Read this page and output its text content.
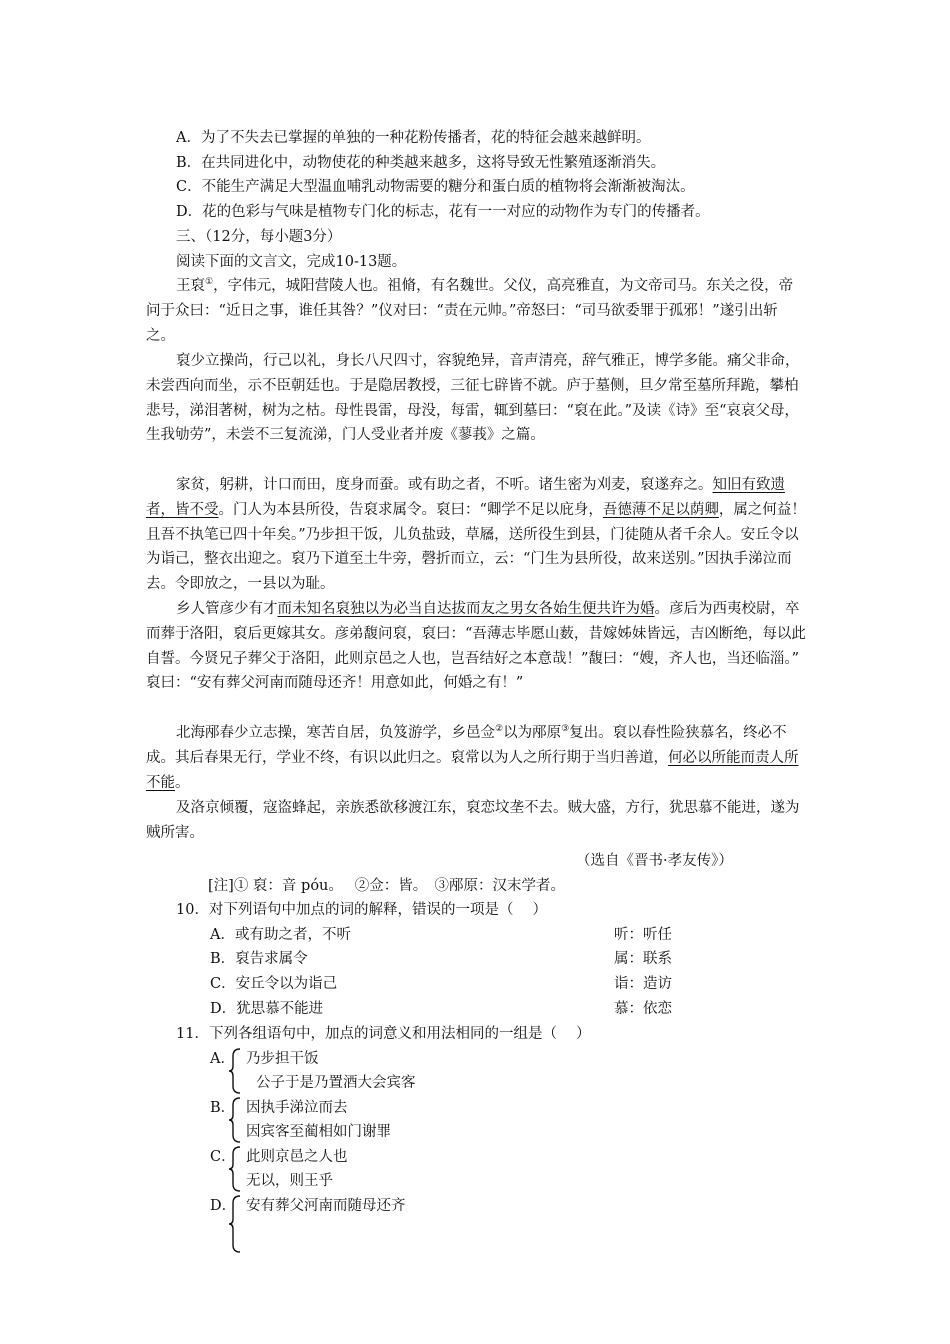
A．为了不失去已掌握的单独的一种花粉传播者，花的特征会越来越鲜明。
B．在共同进化中，动物使花的种类越来越多，这将导致无性繁殖逐渐消失。
C．不能生产满足大型温血哺乳动物需要的糖分和蛋白质的植物将会渐渐被淘汰。
D．花的色彩与气味是植物专门化的标志，花有一一对应的动物作为专门的传播者。
三、（12分，每小题3分）
阅读下面的文言文，完成10-13题。
王裒①，字伟元，城阳营陵人也。祖脩，有名魏世。父仪，高亮雅直，为文帝司马。东关之役，帝问于众曰：“近日之事，谁任其咎？”仪对曰：“责在元帅。”帝怒曰：“司马欲委罪于孤邪！”遂引出斩之。
裒少立操尚，行己以礼，身长八尺四寸，容貌绝异，音声清亮，辞气雅正，博学多能。痛父非命，未尝西向而坐，示不臣朝廷也。于是隐居教授，三征七辟皆不就。庐于墓侧，旦夕常至墓所拜跪，攀柏悲号，涕泪著树，树为之枯。母性畏雷，母没，每雷，辄到墓曰：“裒在此。”及读《诗》至“哀哀父母，生我劬劳”，未尝不三复流涕，门人受业者并废《蓼莪》之篇。
家贫，躬耕，计口而田，度身而蚕。或有助之者，不听。诸生密为刈麦，裒遂弃之。知旧有致遗者，皆不受。门人为本县所役，告裒求属令。裒曰：“卿学不足以庇身，吾德薄不足以荫卿，属之何益！且吾不执笔已四十年矣。”乃步担干饭，儿负盐豉，草屩，送所役生到县，门徒随从者千余人。安丘令以为诣己，整衣出迎之。裒乃下道至土牛旁，磬折而立，云：“门生为县所役，故来送别。”因执手涕泣而去。令即放之，一县以为耻。
乡人管彦少有才而未知名裒独以为必当自达拔而友之男女各始生便共许为婚。彦后为西夷校尉，卒而葬于洛阳，裒后更嫁其女。彦弟馥问裒，裒曰：“吾薄志毕愿山薮，昔嫁姊妹皆远，吉凶断绝，每以此自誓。今贤兄子葬父于洛阳，此则京邑之人也，岂吾结好之本意哉！”馥曰：“嫂，齐人也，当还临淄。” 裒曰：“安有葬父河南而随母还齐！用意如此，何婚之有！”
北海邴春少立志操，寒苦自居，负笈游学，乡邑佥②以为邴原③复出。裒以春性险狭慕名，终必不成。其后春果无行，学业不终，有识以此归之。裒常以为人之所行期于当归善道，何必以所能而责人所不能。
及洛京倾覆，寇盗蜂起，亲族悉欲移渡江东，裒恋坟垄不去。贼大盛，方行，犹思慕不能进，遂为贼所害。
（选自《晋书·孝友传》）
[注]① 裒：音 póu。　 ②佥：皆。　③邴原：汉末学者。
10．对下列语句中加点的词的解释，错误的一项是（　 ）
A．或有助之者，不听	听：听任
B．裒告求属令	属：联系
C．安丘令以为诣己	诣：造访
D．犹思慕不能进	慕：依恋
11．下列各组语句中，加点的词意义和用法相同的一组是（　 ）
A． 乃步担干饭
公子于是乃置酒大会宾客
B． 因执手涕泣而去
因宾客至蔺相如门谢罪
C． 此则京邑之人也
无以，则王乎
D． 安有葬父河南而随母还齐
